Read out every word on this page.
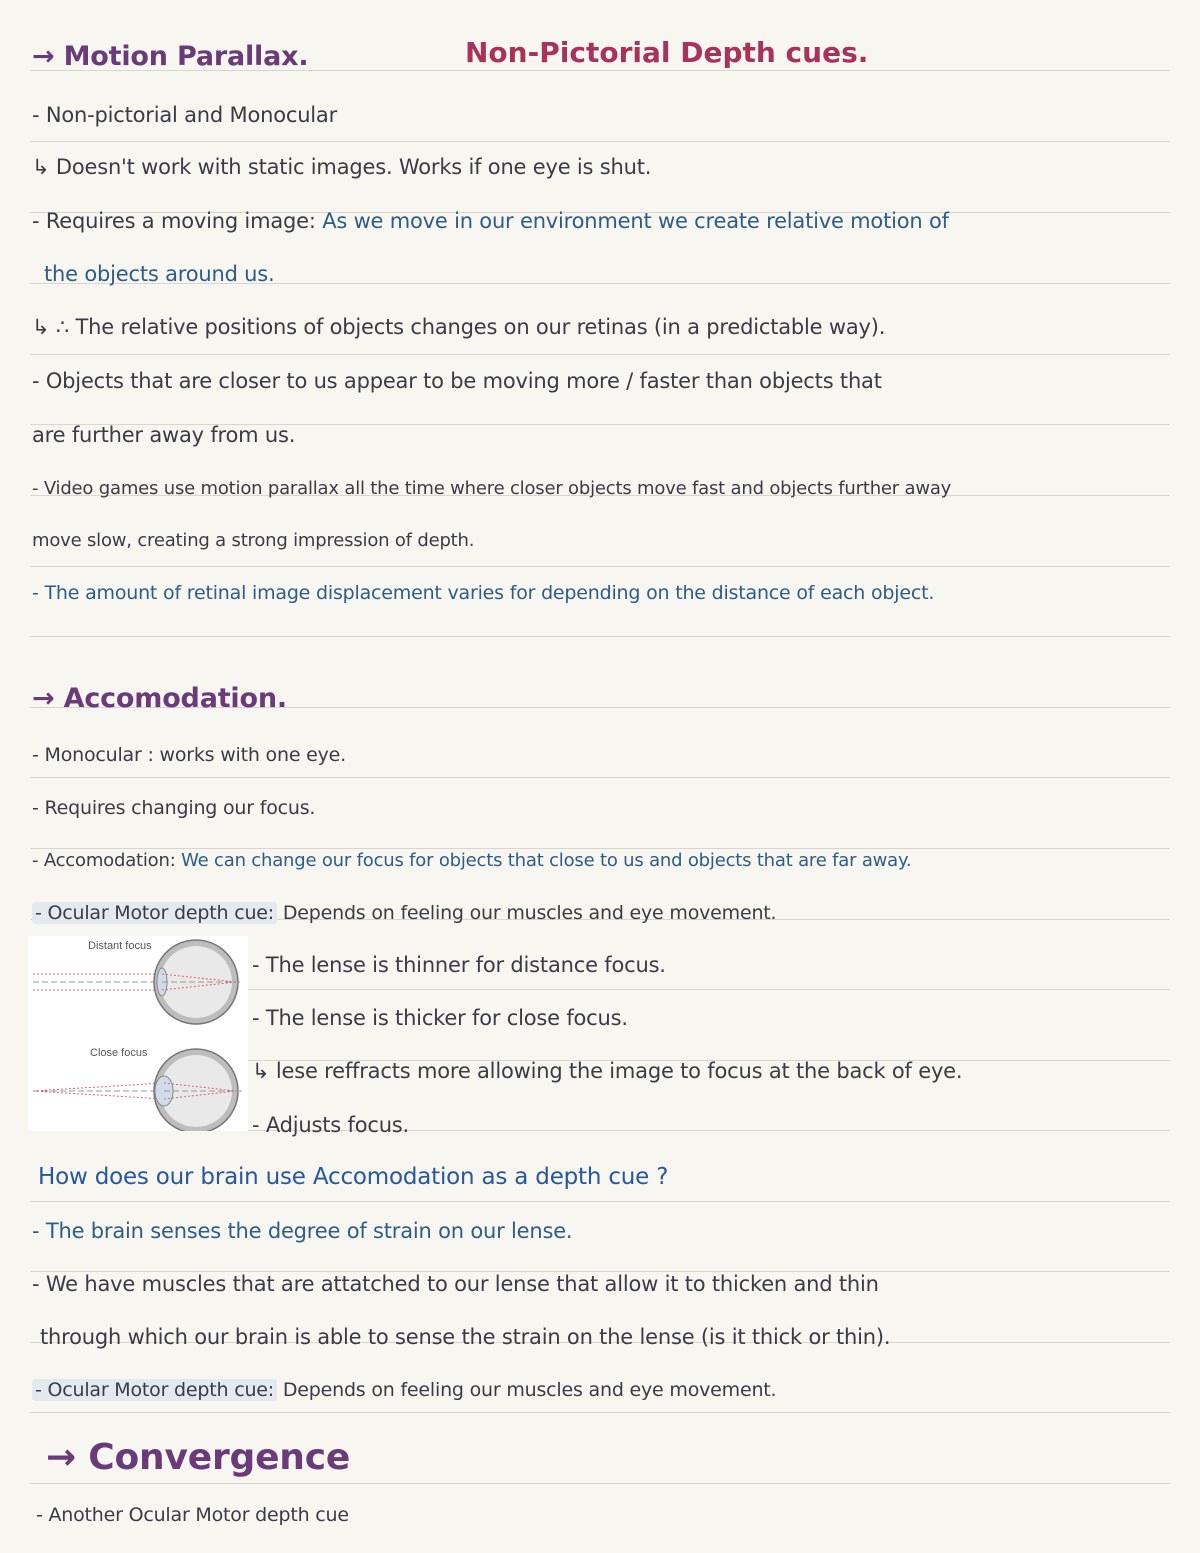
→ Motion Parallax.	Non-Pictorial Depth cues.
- Non-pictorial and Monocular
↳ Doesn't work with static images. Works if one eye is shut.
- Requires a moving image: As we move in our environment we create relative motion of
the objects around us.
↳ ∴ The relative positions of objects changes on our retinas (in a predictable way).
- Objects that are closer to us appear to be moving more / faster than objects that
are further away from us.
- Video games use motion parallax all the time where closer objects move fast and objects further away
move slow, creating a strong impression of depth.
- The amount of retinal image displacement varies for depending on the distance of each object.
→ Accomodation.
- Monocular : works with one eye.
- Requires changing our focus.
- Accomodation: We can change our focus for objects that close to us and objects that are far away.
- Ocular Motor depth cue: Depends on feeling our muscles and eye movement.
Distant focus
Close focus
- The lense is thinner for distance focus.
- The lense is thicker for close focus.
↳ lese reffracts more allowing the image to focus at the back of eye.
- Adjusts focus.
How does our brain use Accomodation as a depth cue ?
- The brain senses the degree of strain on our lense.
- We have muscles that are attatched to our lense that allow it to thicken and thin
through which our brain is able to sense the strain on the lense (is it thick or thin).
- Ocular Motor depth cue: Depends on feeling our muscles and eye movement.
→ Convergence
- Another Ocular Motor depth cue
